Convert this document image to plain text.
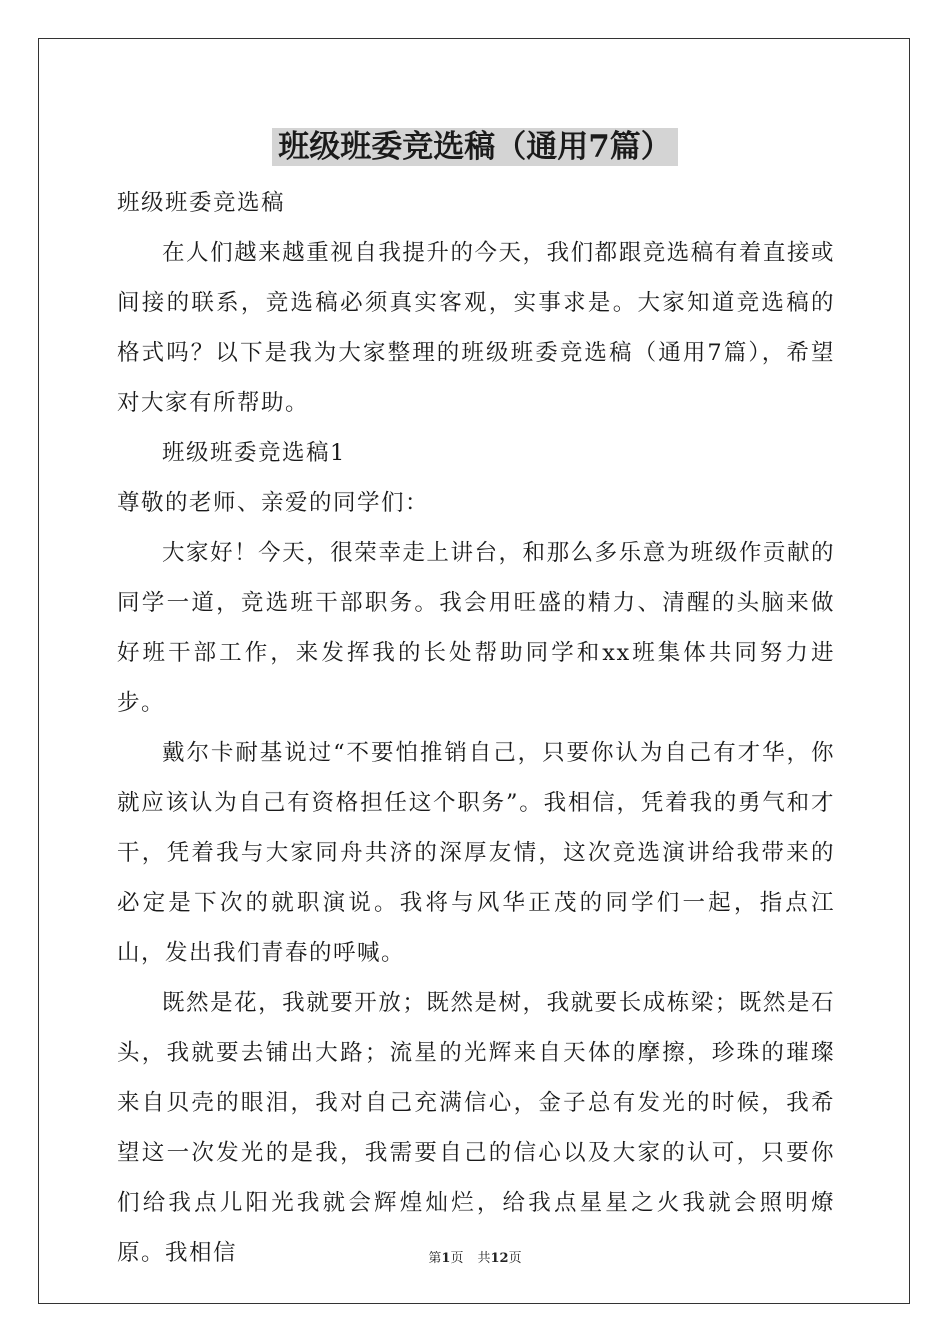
班级班委竞选稿（通用7篇）

班级班委竞选稿

在人们越来越重视自我提升的今天，我们都跟竞选稿有着直接或间接的联系，竞选稿必须真实客观，实事求是。大家知道竞选稿的格式吗？以下是我为大家整理的班级班委竞选稿（通用7篇），希望对大家有所帮助。

班级班委竞选稿1

尊敬的老师、亲爱的同学们：

大家好！今天，很荣幸走上讲台，和那么多乐意为班级作贡献的同学一道，竞选班干部职务。我会用旺盛的精力、清醒的头脑来做好班干部工作，来发挥我的长处帮助同学和xx班集体共同努力进步。

戴尔卡耐基说过“不要怕推销自己，只要你认为自己有才华，你就应该认为自己有资格担任这个职务”。我相信，凭着我的勇气和才干，凭着我与大家同舟共济的深厚友情，这次竞选演讲给我带来的必定是下次的就职演说。我将与风华正茂的同学们一起，指点江山，发出我们青春的呼喊。

既然是花，我就要开放；既然是树，我就要长成栋梁；既然是石头，我就要去铺出大路；流星的光辉来自天体的摩擦，珍珠的璀璨来自贝壳的眼泪，我对自己充满信心，金子总有发光的时候，我希望这一次发光的是我，我需要自己的信心以及大家的认可，只要你们给我点儿阳光我就会辉煌灿烂，给我点星星之火我就会照明燎原。我相信	第1页 共12页
